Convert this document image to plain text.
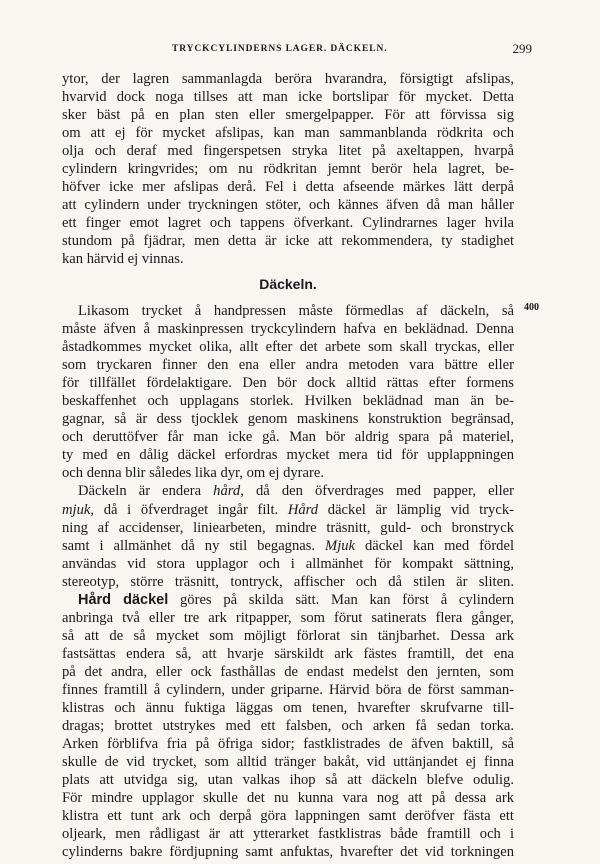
TRYCKCYLINDERNS LAGER. DÄCKELN.	299
ytor, der lagren sammanlagda beröra hvarandra, försigtigt afslipas,
hvarvid dock noga tillses att man icke bortslipar för mycket. Detta
sker bäst på en plan sten eller smergelpapper. För att förvissa sig
om att ej för mycket afslipas, kan man sammanblanda rödkrita och
olja och deraf med fingerspetsen stryka litet på axeltappen, hvarpå
cylindern kringvrides; om nu rödkritan jemnt berör hela lagret, be-
höfver icke mer afslipas derå. Fel i detta afseende märkes lätt derpå
att cylindern under tryckningen stöter, och kännes äfven då man håller
ett finger emot lagret och tappens öfverkant. Cylindrarnes lager hvila
stundom på fjädrar, men detta är icke att rekommendera, ty stadighet
kan härvid ej vinnas.
Däckeln.
400
Likasom trycket å handpressen måste förmedlas af däckeln, så
måste äfven å maskinpressen tryckcylindern hafva en beklädnad. Denna
åstadkommes mycket olika, allt efter det arbete som skall tryckas, eller
som tryckaren finner den ena eller andra metoden vara bättre eller
för tillfället fördelaktigare. Den bör dock alltid rättas efter formens
beskaffenhet och upplagans storlek. Hvilken beklädnad man än be-
gagnar, så är dess tjocklek genom maskinens konstruktion begränsad,
och deruttöfver får man icke gå. Man bör aldrig spara på materiel,
ty med en dålig däckel erfordras mycket mera tid för upplappningen
och denna blir således lika dyr, om ej dyrare.
Däckeln är endera hård, då den öfverdrages med papper, eller
mjuk, då i öfverdraget ingår filt. Hård däckel är lämplig vid tryck-
ning af accidenser, liniearbeten, mindre träsnitt, guld- och bronstryck
samt i allmänhet då ny stil begagnas. Mjuk däckel kan med fördel
användas vid stora upplagor och i allmänhet för kompakt sättning,
stereotyp, större träsnitt, tontryck, affischer och då stilen är sliten.
Hård däckel göres på skilda sätt. Man kan först å cylindern
anbringa två eller tre ark ritpapper, som förut satinerats flera gånger,
så att de så mycket som möjligt förlorat sin tänjbarhet. Dessa ark
fastsättas endera så, att hvarje särskildt ark fästes framtill, det ena
på det andra, eller ock fasthållas de endast medelst den jernten, som
finnes framtill å cylindern, under griparne. Härvid böra de först samman-
klistras och ännu fuktiga läggas om tenen, hvarefter skrufvarne till-
dragas; brottet utstrykes med ett falsben, och arken få sedan torka.
Arken förblifva fria på öfriga sidor; fastklistrades de äfven baktill, så
skulle de vid trycket, som alltid tränger bakåt, vid uttänjandet ej finna
plats att utvidga sig, utan valkas ihop så att däckeln blefve odulig.
För mindre upplagor skulle det nu kunna vara nog att på dessa ark
klistra ett tunt ark och derpå göra lappningen samt deröfver fästa ett
oljeark, men rådligast är att ytterarket fastklistras både framtill och i
cylinderns bakre fördjupning samt anfuktas, hvarefter det vid torkningen
